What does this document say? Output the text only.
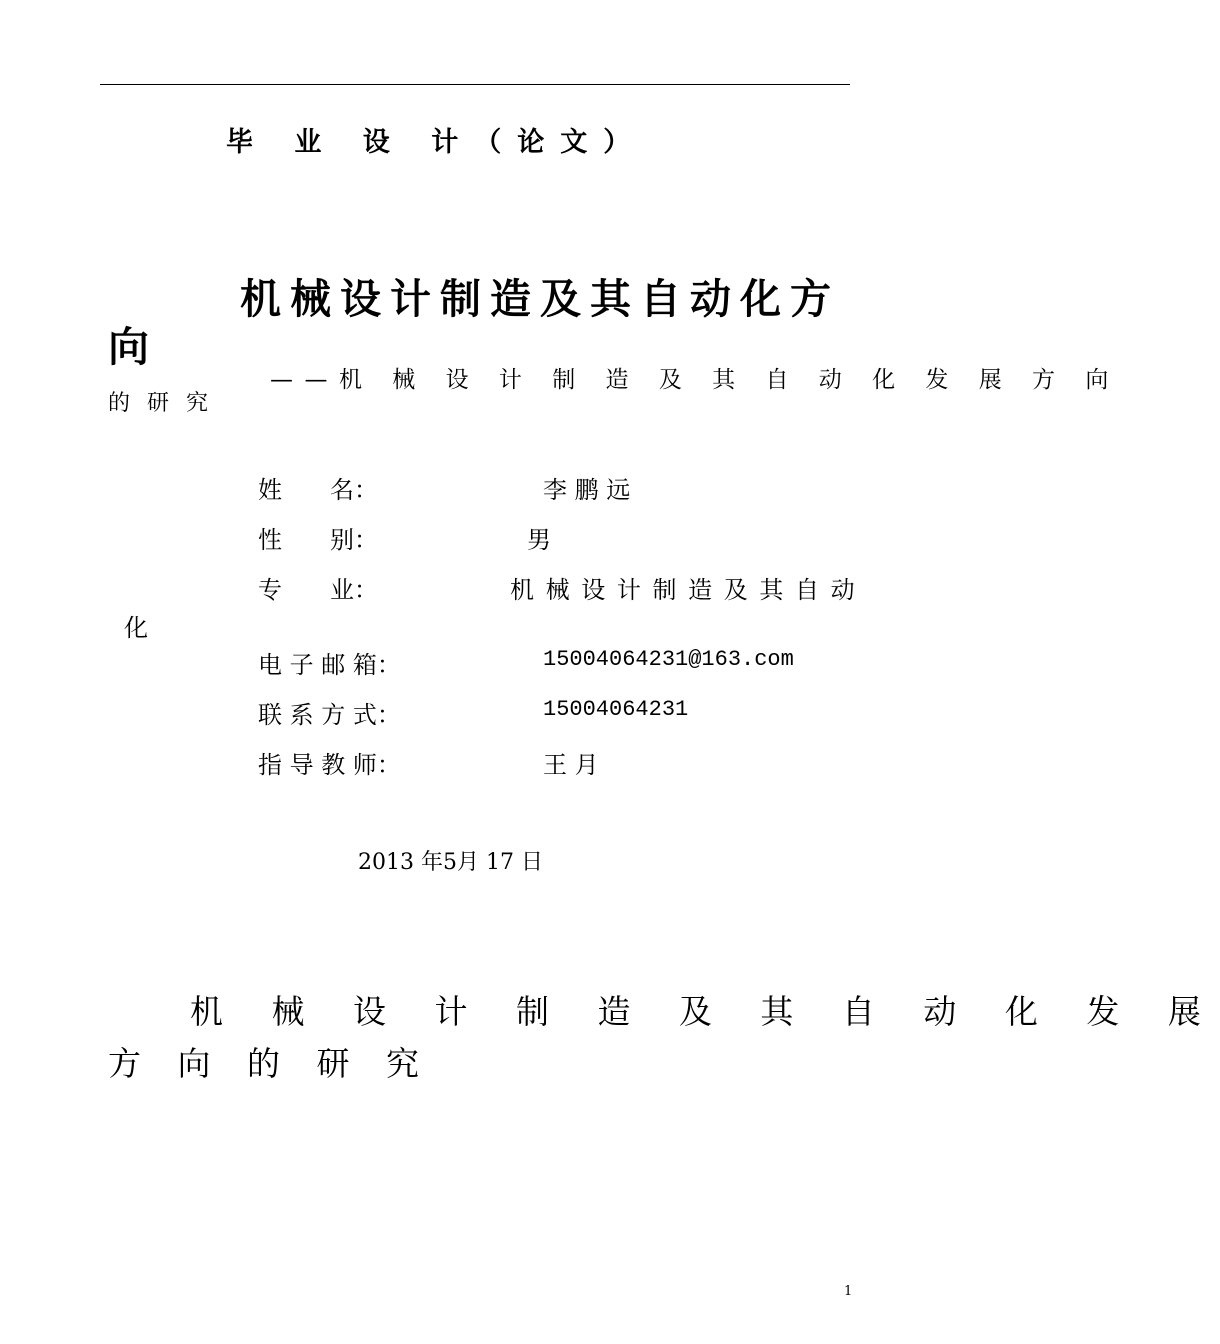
毕 业 设 计（论文）
机械设计制造及其自动化方
向
——机 械 设 计 制 造 及 其 自 动 化 发 展 方 向
的 研 究
姓　　名：	李 鹏 远
性　　别：	男
专　　业：	机 械 设 计 制 造 及 其 自 动
化
电 子 邮 箱：	15004064231@163.com
联 系 方 式：	15004064231
指 导 教 师：	王 月
2013 年5月 17 日
机 械 设 计 制 造 及 其 自 动 化 发 展
方 向 的 研 究
1
